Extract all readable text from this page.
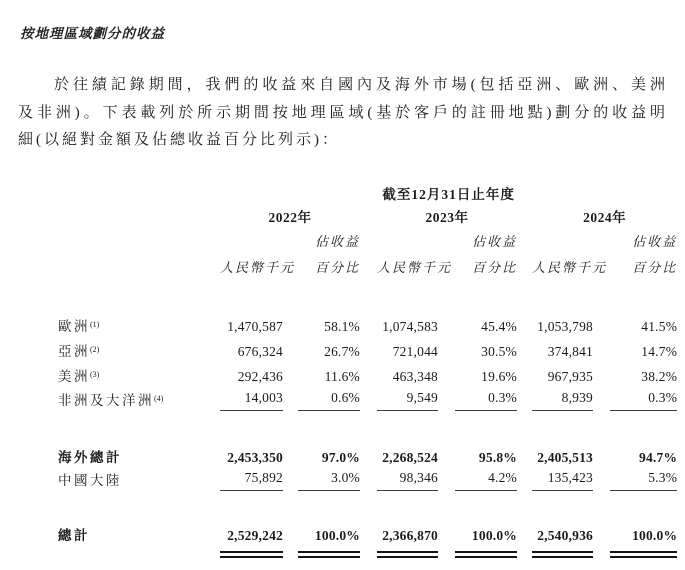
按地理區域劃分的收益
於往績記錄期間，我們的收益來自國內及海外市場(包括亞洲、歐洲、美洲
及非洲)。下表載列於所示期間按地理區域(基於客戶的註冊地點)劃分的收益明
細(以絕對金額及佔總收益百分比列示)：
	截至12月31日止年度										
	2022年				2023年				2024年		
			佔收益				佔收益				佔收益
	人民幣千元		百分比		人民幣千元		百分比		人民幣千元		百分比

歐洲$^{(1)}$	1,470,587		58.1%		1,074,583		45.4%		1,053,798		41.5%
亞洲$^{(2)}$	676,324		26.7%		721,044		30.5%		374,841		14.7%
美洲$^{(3)}$	292,436		11.6%		463,348		19.6%		967,935		38.2%
非洲及大洋洲$^{(4)}$	14,003		0.6%		9,549		0.3%		8,939		0.3%

海外總計	2,453,350		97.0%		2,268,524		95.8%		2,405,513		94.7%
中國大陸	75,892		3.0%		98,346		4.2%		135,423		5.3%

總計	2,529,242		100.0%		2,366,870		100.0%		2,540,936		100.0%
